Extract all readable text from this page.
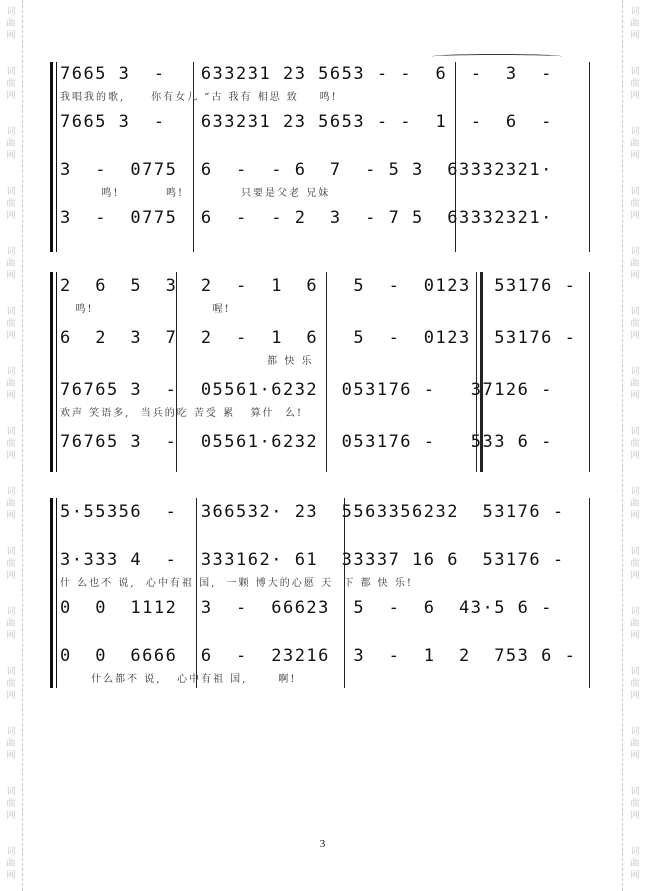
词
曲
网
词
曲
网
词
曲
网
词
曲
网
词
曲
网
词
曲
网
词
曲
网
词
曲
网
词
曲
网
词
曲
网
词
曲
网
词
曲
网
词
曲
网
词
曲
网
词
曲
网
词
曲
网
词
曲
网
词
曲
网
词
曲
网
词
曲
网
词
曲
网
词
曲
网
词
曲
网
词
曲
网
词
曲
网
词
曲
网
词
曲
网
词
曲
网
词
曲
网
词
曲
网
7665 3  -   633231 23 5653 - -  6  -  3  -
我唱我的歌,     你有女儿 “古 我有 相思 致    鸣!
7665 3  -   633231 23 5653 - -  1  -  6  -
3  -  0775  6  -  - 6  7  - 5 3  63332321·
鸣!         鸣!           只要是父老 兄妹
3  -  0775  6  -  - 2  3  - 7 5  63332321·
2  6  5  3  2  -  1  6   5  -  0123  53176 -
鸣!                       喔!
6  2  3  7  2  -  1  6   5  -  0123  53176 -
都 快 乐
76765 3  -  05561·6232  053176 -   37126 -
欢声 笑语多,  当兵的吃 苦受 累   算什  么!
76765 3  -  05561·6232  053176 -   533 6 -
5·55356  -  366532· 23  5563356232  53176 -
3·333 4  -  333162· 61  33337 16 6  53176 -
什 么也不 说,  心中有祖 国,  一颗 博大的心愿 天  下 都 快 乐!
0  0  1112  3  -  66623  5  -  6  43·5 6 -
0  0  6666  6  -  23216  3  -  1  2  753 6 -
什么都不 说,   心中有祖 国,      啊!
3
